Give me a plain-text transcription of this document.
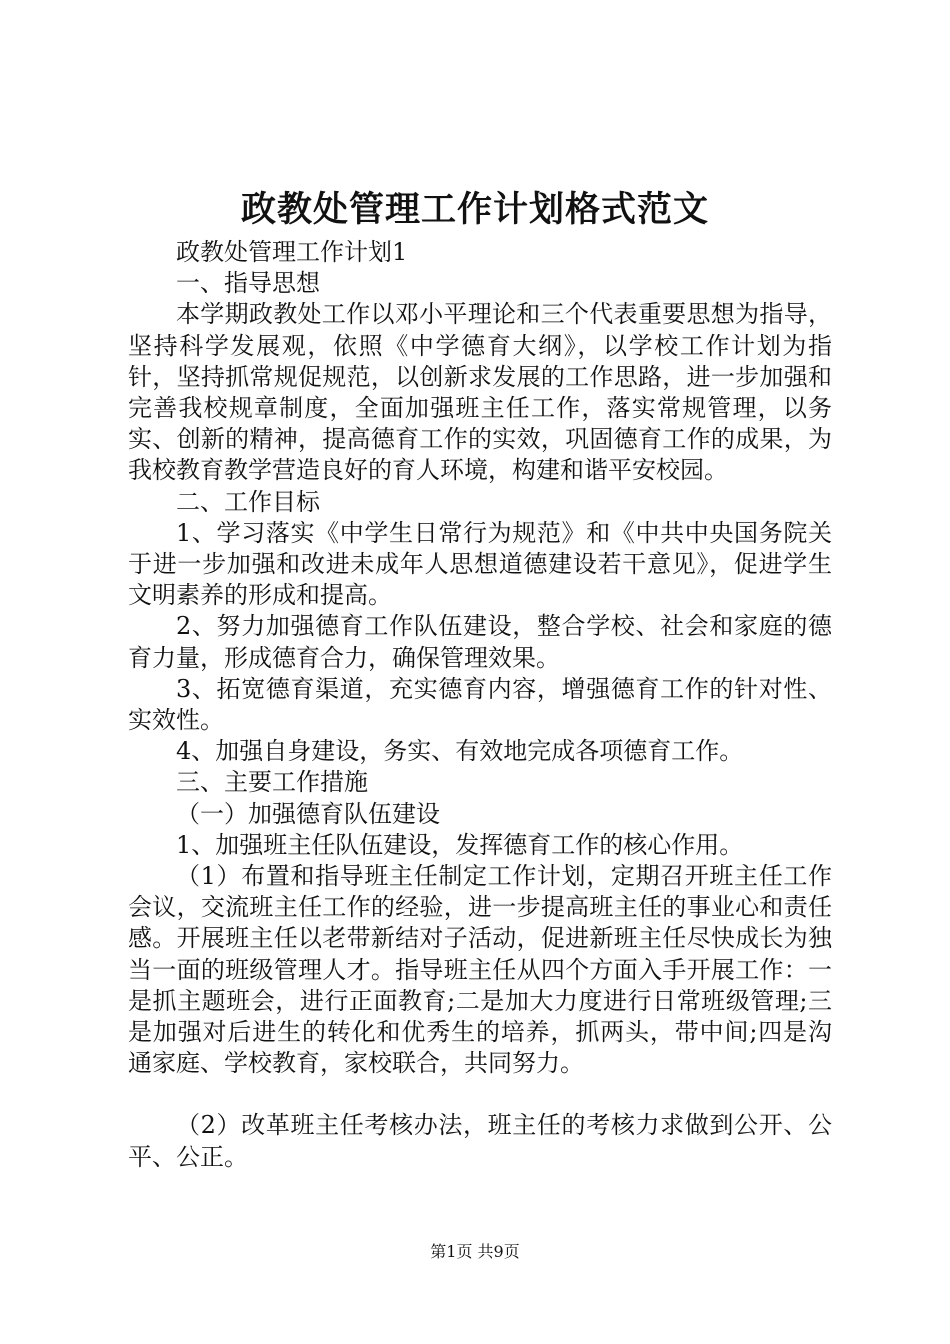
政教处管理工作计划格式范文

政教处管理工作计划1

一、指导思想

本学期政教处工作以邓小平理论和三个代表重要思想为指导，坚持科学发展观，依照《中学德育大纲》，以学校工作计划为指针，坚持抓常规促规范，以创新求发展的工作思路，进一步加强和完善我校规章制度，全面加强班主任工作，落实常规管理，以务实、创新的精神，提高德育工作的实效，巩固德育工作的成果，为我校教育教学营造良好的育人环境，构建和谐平安校园。

二、工作目标

1、学习落实《中学生日常行为规范》和《中共中央国务院关于进一步加强和改进未成年人思想道德建设若干意见》，促进学生文明素养的形成和提高。

2、努力加强德育工作队伍建设，整合学校、社会和家庭的德育力量，形成德育合力，确保管理效果。

3、拓宽德育渠道，充实德育内容，增强德育工作的针对性、实效性。

4、加强自身建设，务实、有效地完成各项德育工作。

三、主要工作措施

（一）加强德育队伍建设

1、加强班主任队伍建设，发挥德育工作的核心作用。

（1）布置和指导班主任制定工作计划，定期召开班主任工作会议，交流班主任工作的经验，进一步提高班主任的事业心和责任感。开展班主任以老带新结对子活动，促进新班主任尽快成长为独当一面的班级管理人才。指导班主任从四个方面入手开展工作：一是抓主题班会，进行正面教育;二是加大力度进行日常班级管理;三是加强对后进生的转化和优秀生的培养，抓两头，带中间;四是沟通家庭、学校教育，家校联合，共同努力。

（2）改革班主任考核办法，班主任的考核力求做到公开、公平、公正。

第1页 共9页
